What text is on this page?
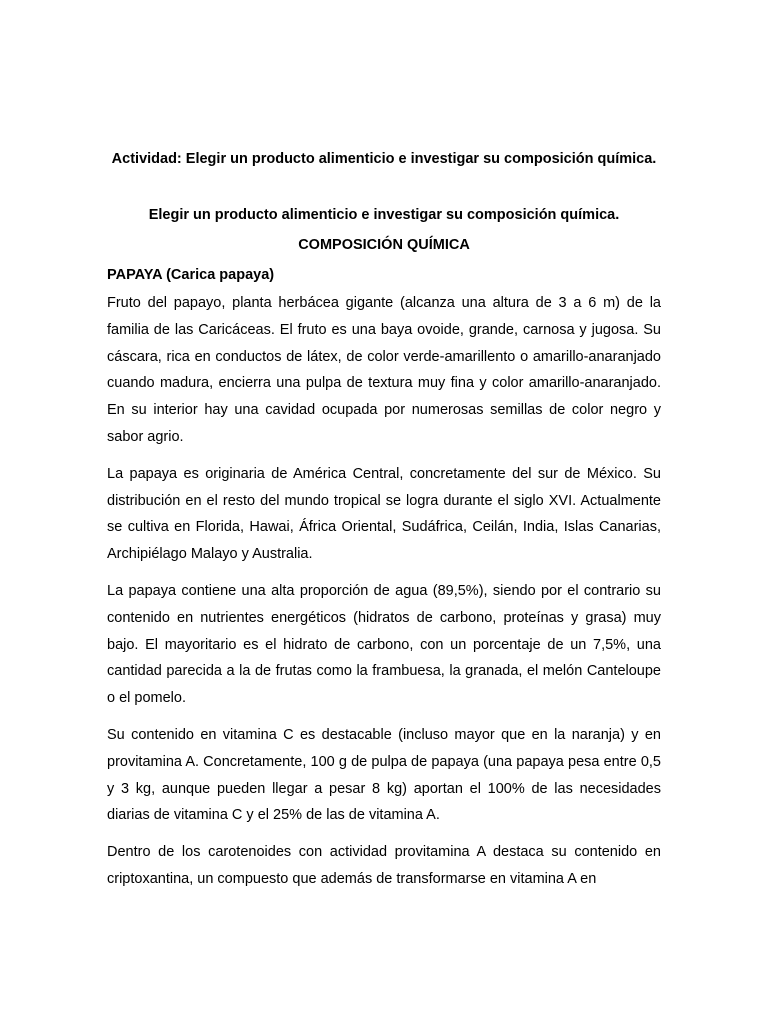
Actividad: Elegir un producto alimenticio e investigar su composición química.
Elegir un producto alimenticio e investigar su composición química.
COMPOSICIÓN QUÍMICA
PAPAYA (Carica papaya)

Fruto del papayo, planta herbácea gigante (alcanza una altura de 3 a 6 m) de la familia de las Caricáceas. El fruto es una baya ovoide, grande, carnosa y jugosa. Su cáscara, rica en conductos de látex, de color verde-amarillento o amarillo-anaranjado cuando madura, encierra una pulpa de textura muy fina y color amarillo-anaranjado. En su interior hay una cavidad ocupada por numerosas semillas de color negro y sabor agrio.

La papaya es originaria de América Central, concretamente del sur de México. Su distribución en el resto del mundo tropical se logra durante el siglo XVI. Actualmente se cultiva en Florida, Hawai, África Oriental, Sudáfrica, Ceilán, India, Islas Canarias, Archipiélago Malayo y Australia.

La papaya contiene una alta proporción de agua (89,5%), siendo por el contrario su contenido en nutrientes energéticos (hidratos de carbono, proteínas y grasa) muy bajo. El mayoritario es el hidrato de carbono, con un porcentaje de un 7,5%, una cantidad parecida a la de frutas como la frambuesa, la granada, el melón Canteloupe o el pomelo.

Su contenido en vitamina C es destacable (incluso mayor que en la naranja) y en provitamina A. Concretamente, 100 g de pulpa de papaya (una papaya pesa entre 0,5 y 3 kg, aunque pueden llegar a pesar 8 kg) aportan el 100% de las necesidades diarias de vitamina C y el 25% de las de vitamina A.

Dentro de los carotenoides con actividad provitamina A destaca su contenido en criptoxantina, un compuesto que además de transformarse en vitamina A en
